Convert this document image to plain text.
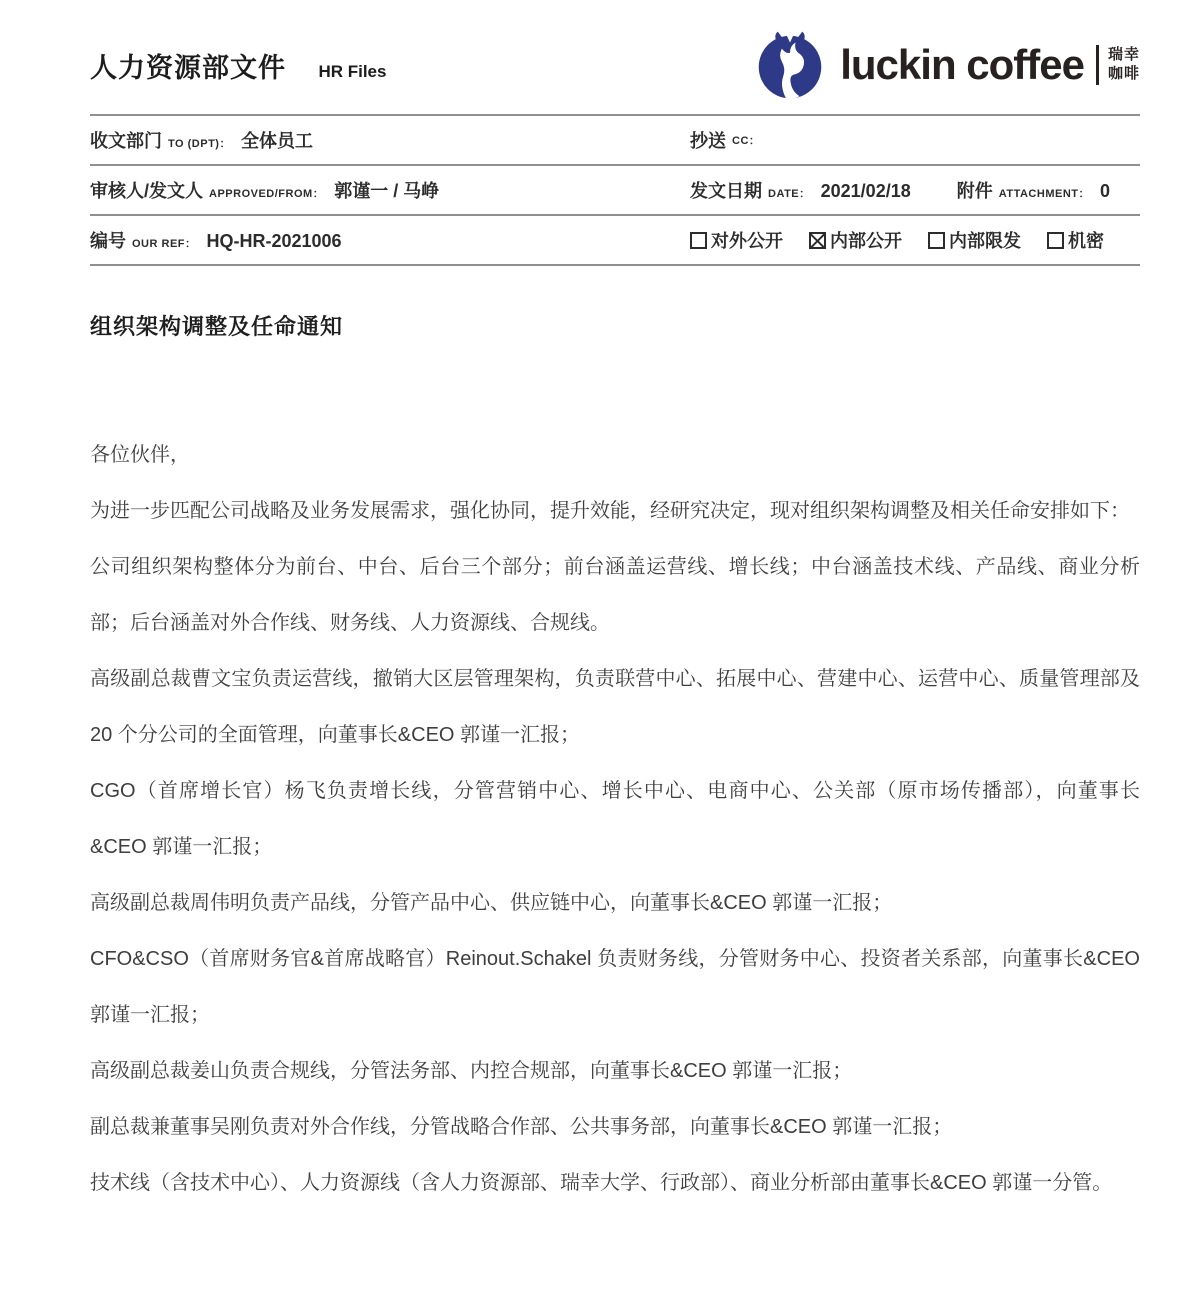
人力资源部文件 HR Files	luckin coffee 瑞幸
咖啡
收文部门 TO (DPT)： 全体员工	抄送 CC：
审核人/发文人 APPROVED/FROM： 郭谨一 / 马峥	发文日期 DATE： 2021/02/18	附件 ATTACHMENT： 0
编号 OUR REF： HQ-HR-2021006	对外公开	内部公开	内部限发	机密
组织架构调整及任命通知

各位伙伴，

为进一步匹配公司战略及业务发展需求，强化协同，提升效能，经研究决定，现对组织架构调整及相关任命安排如下：

公司组织架构整体分为前台、中台、后台三个部分；前台涵盖运营线、增长线；中台涵盖技术线、产品线、商业分析部；后台涵盖对外合作线、财务线、人力资源线、合规线。

高级副总裁曹文宝负责运营线，撤销大区层管理架构，负责联营中心、拓展中心、营建中心、运营中心、质量管理部及 20 个分公司的全面管理，向董事长&CEO 郭谨一汇报；

CGO（首席增长官）杨飞负责增长线，分管营销中心、增长中心、电商中心、公关部（原市场传播部），向董事长&CEO 郭谨一汇报；

高级副总裁周伟明负责产品线，分管产品中心、供应链中心，向董事长&CEO 郭谨一汇报；

CFO&CSO（首席财务官&首席战略官）Reinout.Schakel 负责财务线，分管财务中心、投资者关系部，向董事长&CEO 郭谨一汇报；

高级副总裁姜山负责合规线，分管法务部、内控合规部，向董事长&CEO 郭谨一汇报；

副总裁兼董事吴刚负责对外合作线，分管战略合作部、公共事务部，向董事长&CEO 郭谨一汇报；

技术线（含技术中心）、人力资源线（含人力资源部、瑞幸大学、行政部）、商业分析部由董事长&CEO 郭谨一分管。
